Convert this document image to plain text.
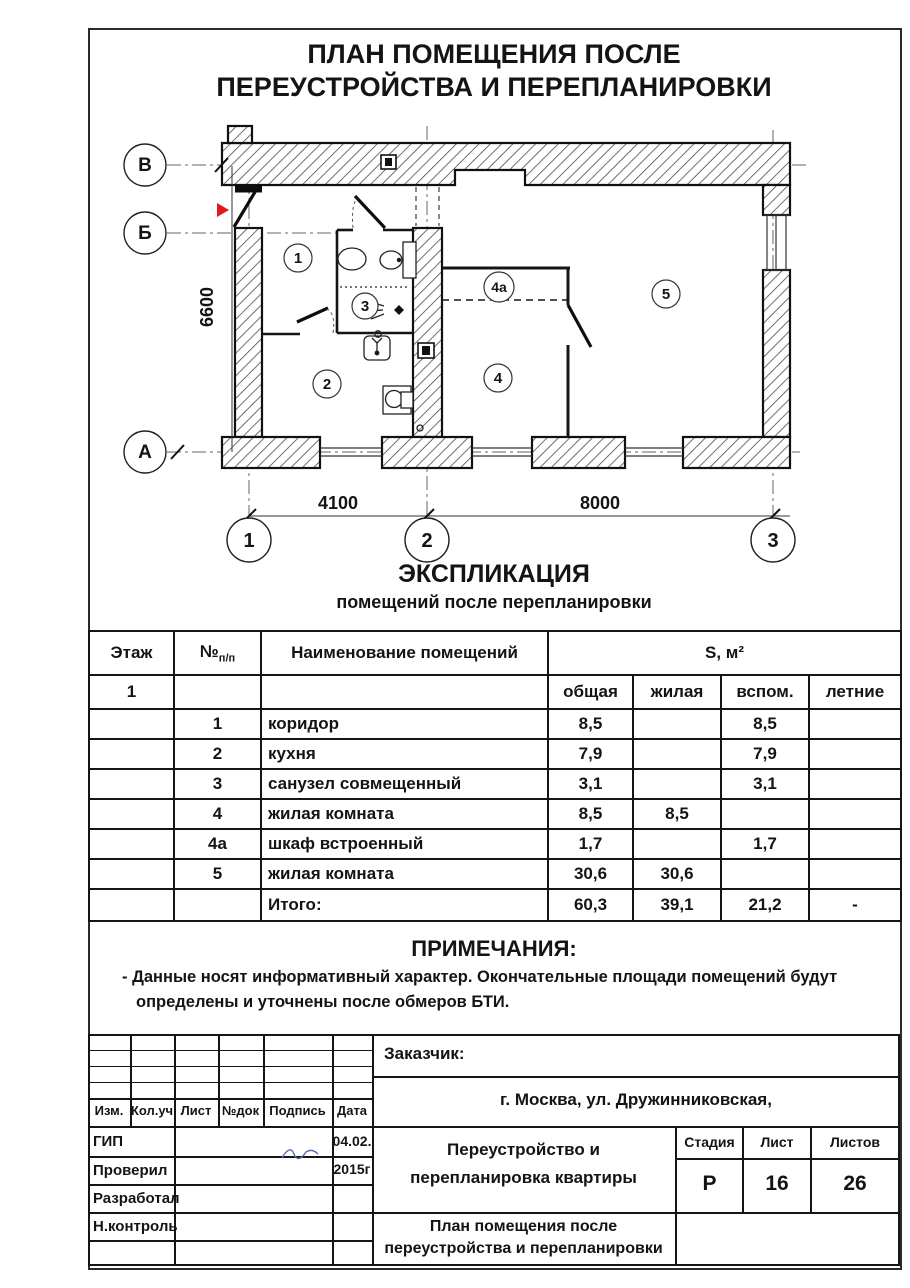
ПЛАН ПОМЕЩЕНИЯ ПОСЛЕ
ПЕРЕУСТРОЙСТВА И ПЕРЕПЛАНИРОВКИ
4100	8000
6600
В
Б
А
1	2	3
1
2
3
4
4а	5
ЭКСПЛИКАЦИЯ
помещений после перепланировки
Этаж	$№_{п/п}$	Наименование помещений	S, м²			
1			общая	жилая	вспом.	летние
	1	коридор	8,5		8,5	
	2	кухня	7,9		7,9	
	3	санузел совмещенный	3,1		3,1	
	4	жилая комната	8,5	8,5		
	4а	шкаф встроенный	1,7		1,7	
	5	жилая комната	30,6	30,6		
		Итого:	60,3	39,1	21,2	-
ПРИМЕЧАНИЯ:
- Данные носят информативный характер. Окончательные площади помещений будут
определены и уточнены после обмеров БТИ.
Изм. Кол.уч Лист №док Подпись Дата
ГИП
Проверил
Разработал
Н.контроль
04.02.
2015г
Заказчик:
г. Москва, ул. Дружинниковская,
Переустройство и
перепланировка квартиры
Стадия	Лист	Листов
Р	16	26
План помещения после
переустройства и перепланировки
